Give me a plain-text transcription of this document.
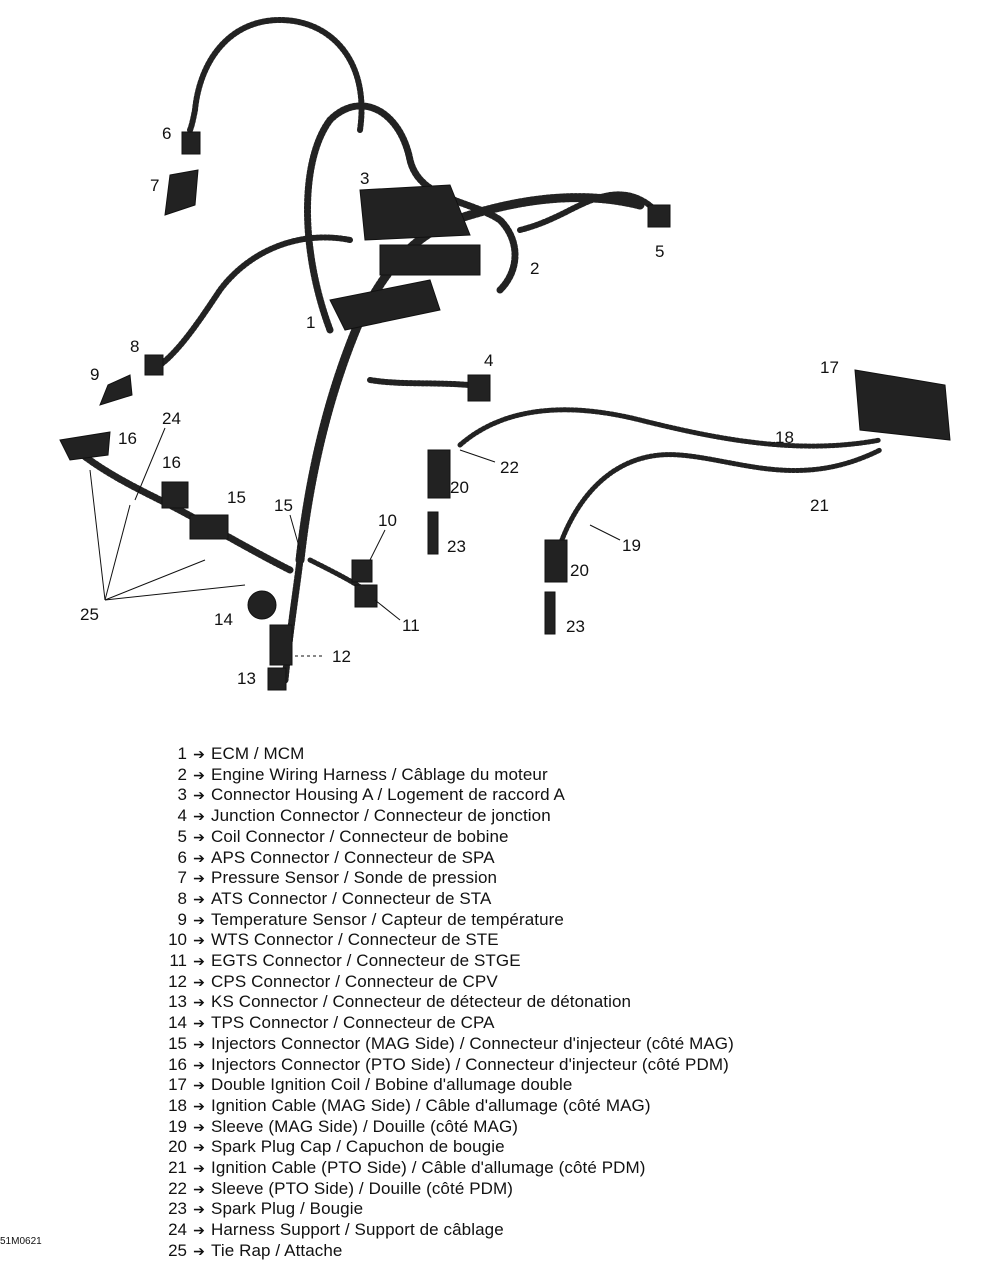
1
2
3
4
5
6
7
8
9
10
11
12
13
14
15
15
16
16
17
18
19
20
20
21
22
23
23
24
25
1 ➔ ECM / MCM
2 ➔ Engine Wiring Harness / Câblage du moteur
3 ➔ Connector Housing A / Logement de raccord A
4 ➔ Junction Connector / Connecteur de jonction
5 ➔ Coil Connector / Connecteur de bobine
6 ➔ APS Connector / Connecteur de SPA
7 ➔ Pressure Sensor / Sonde de pression
8 ➔ ATS Connector / Connecteur de STA
9 ➔ Temperature Sensor / Capteur de température
10 ➔ WTS Connector / Connecteur de STE
11 ➔ EGTS Connector / Connecteur de STGE
12 ➔ CPS Connector / Connecteur de CPV
13 ➔ KS Connector / Connecteur de détecteur de détonation
14 ➔ TPS Connector / Connecteur de CPA
15 ➔ Injectors Connector (MAG Side) / Connecteur d'injecteur (côté MAG)
16 ➔ Injectors Connector (PTO Side) / Connecteur d'injecteur (côté PDM)
17 ➔ Double Ignition Coil / Bobine d'allumage double
18 ➔ Ignition Cable (MAG Side) / Câble d'allumage (côté MAG)
19 ➔ Sleeve (MAG Side) / Douille (côté MAG)
20 ➔ Spark Plug Cap / Capuchon de bougie
21 ➔ Ignition Cable (PTO Side) / Câble d'allumage (côté PDM)
22 ➔ Sleeve (PTO Side) / Douille (côté PDM)
23 ➔ Spark Plug / Bougie
24 ➔ Harness Support / Support de câblage
25 ➔ Tie Rap / Attache
51M0621
